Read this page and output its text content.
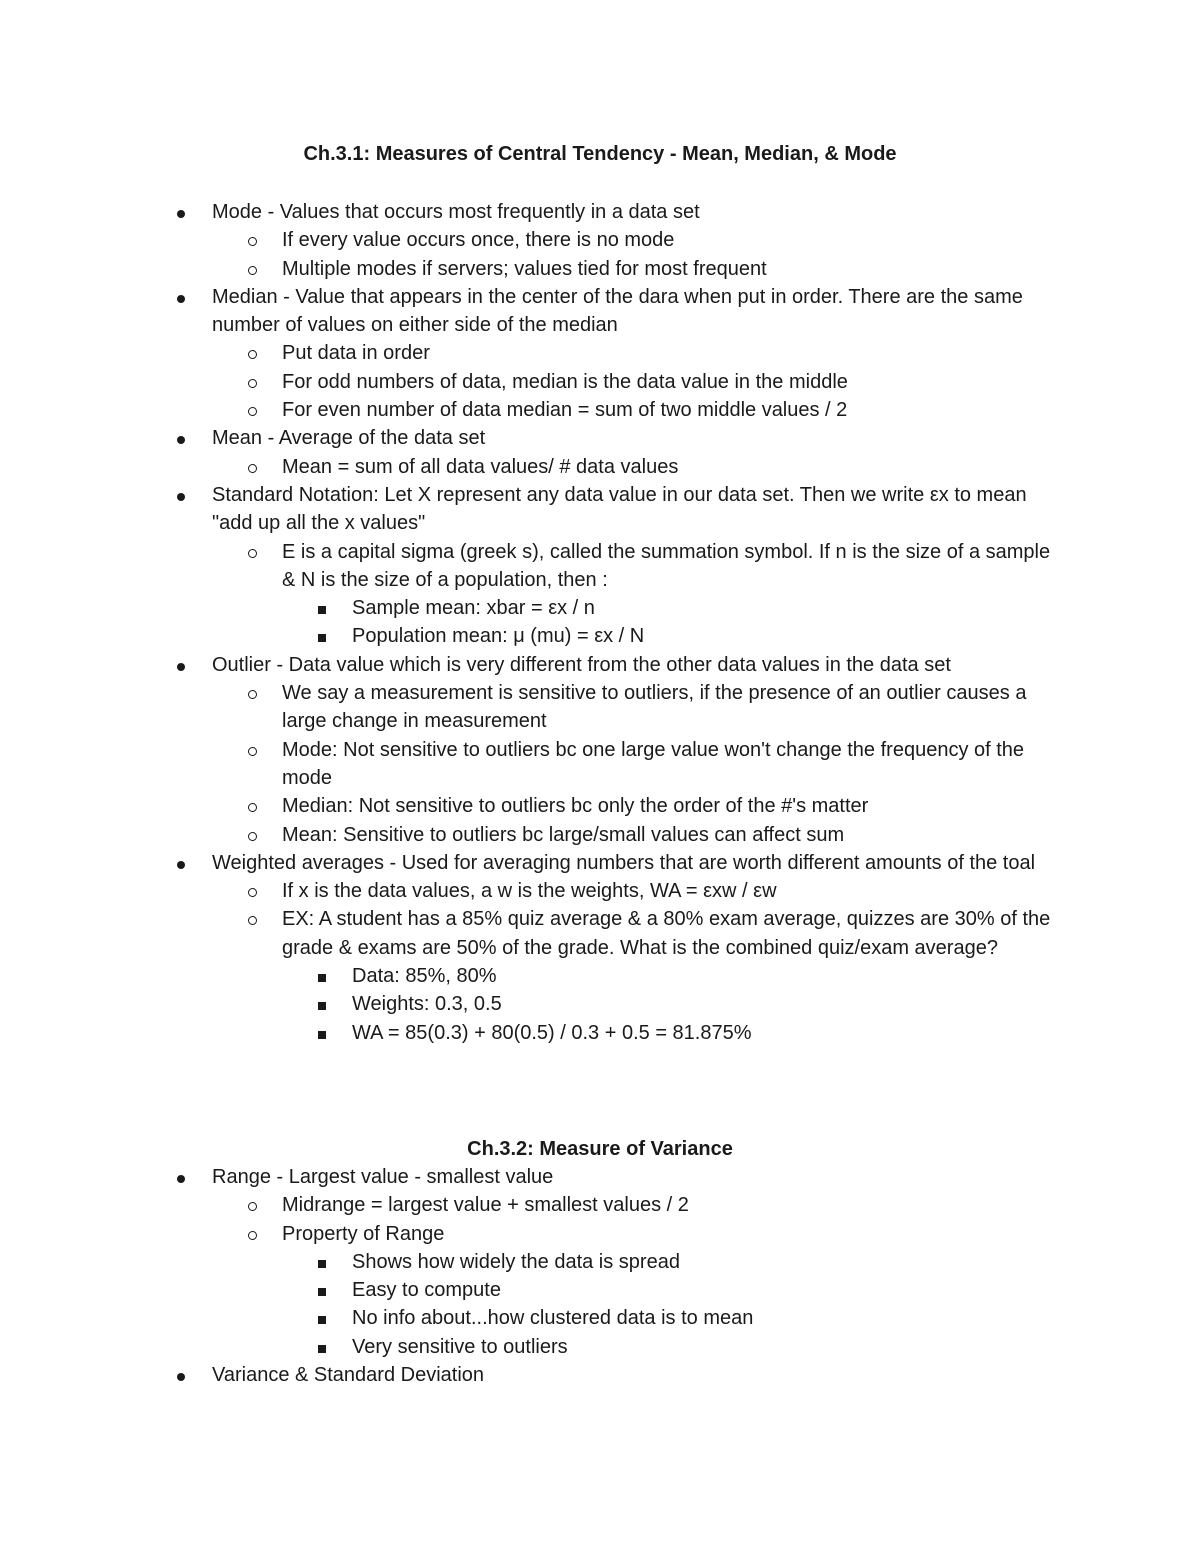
Ch.3.1: Measures of Central Tendency - Mean, Median, & Mode
Mode - Values that occurs most frequently in a data set
If every value occurs once, there is no mode
Multiple modes if servers; values tied for most frequent
Median - Value that appears in the center of the dara when put in order. There are the same number of values on either side of the median
Put data in order
For odd numbers of data, median is the data value in the middle
For even number of data median = sum of two middle values / 2
Mean - Average of the data set
Mean = sum of all data values/ # data values
Standard Notation: Let X represent any data value in our data set. Then we write εx to mean "add up all the x values"
E is a capital sigma (greek s), called the summation symbol. If n is the size of a sample & N is the size of a population, then :
Sample mean: xbar = εx / n
Population mean: μ (mu) = εx / N
Outlier - Data value which is very different from the other data values in the data set
We say a measurement is sensitive to outliers, if the presence of an outlier causes a large change in measurement
Mode: Not sensitive to outliers bc one large value won't change the frequency of the mode
Median: Not sensitive to outliers bc only the order of the #'s matter
Mean: Sensitive to outliers bc large/small values can affect sum
Weighted averages - Used for averaging numbers that are worth different amounts of the toal
If x is the data values, a w is the weights, WA = εxw / εw
EX: A student has a 85% quiz average & a 80% exam average, quizzes are 30% of the grade & exams are 50% of the grade. What is the combined quiz/exam average?
Data: 85%, 80%
Weights: 0.3, 0.5
WA = 85(0.3) + 80(0.5) / 0.3 + 0.5 = 81.875%
Ch.3.2: Measure of Variance
Range - Largest value - smallest value
Midrange = largest value + smallest values / 2
Property of Range
Shows how widely the data is spread
Easy to compute
No info about...how clustered data is to mean
Very sensitive to outliers
Variance & Standard Deviation
